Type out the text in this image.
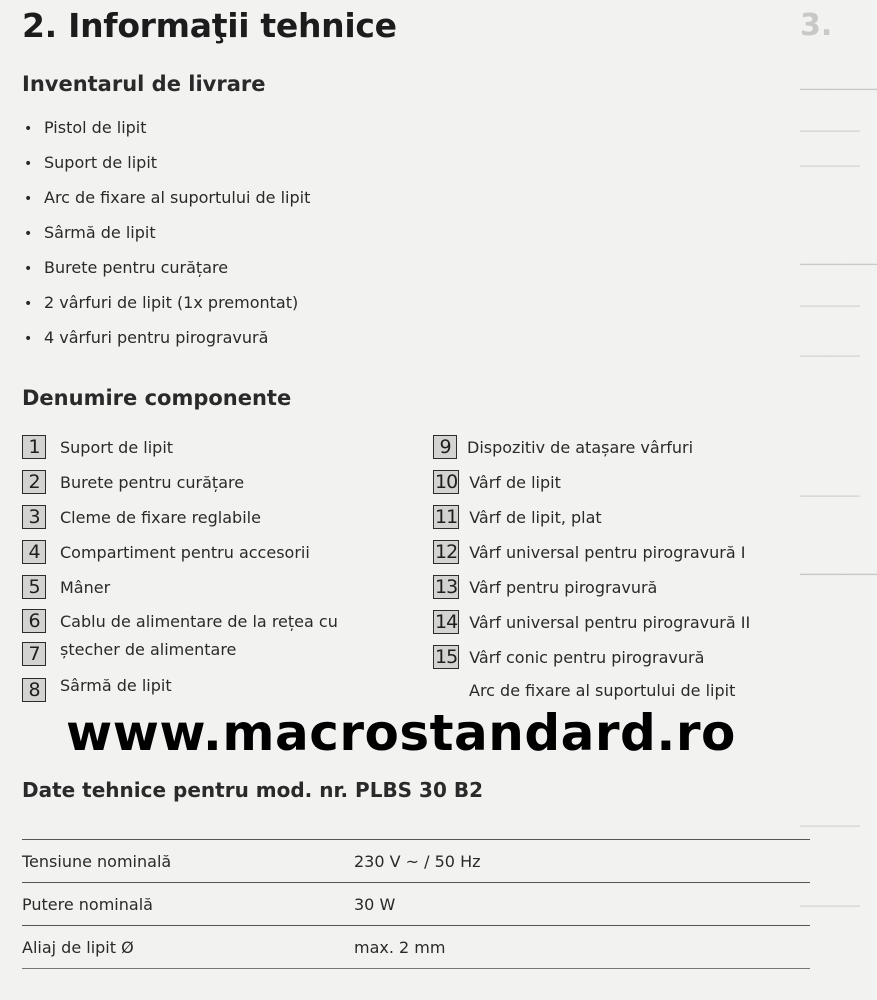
3.
────────
─────────
─────────
────────
─────────
─────────
─────────
────────
─────────
─────────
2. Informaţii tehnice
Inventarul de livrare
• Pistol de lipit
• Suport de lipit
• Arc de fixare al suportului de lipit
• Sârmă de lipit
• Burete pentru curățare
• 2 vârfuri de lipit (1x premontat)
• 4 vârfuri pentru pirogravură
Denumire componente
1	Suport de lipit
2	Burete pentru curățare
3	Cleme de fixare reglabile
4	Compartiment pentru accesorii
5	Mâner
6	Cablu de alimentare de la rețea cu
7	ștecher de alimentare
8	Sârmă de lipit
9	Dispozitiv de atașare vârfuri
10 Vârf de lipit
11 Vârf de lipit, plat
12 Vârf universal pentru pirogravură I
13 Vârf pentru pirogravură
14 Vârf universal pentru pirogravură II
15 Vârf conic pentru pirogravură
Arc de fixare al suportului de lipit
www.macrostandard.ro
Date tehnice pentru mod. nr. PLBS 30 B2
Tensiune nominală	230 V ~ / 50 Hz
Putere nominală	30 W
Aliaj de lipit Ø	max. 2 mm
